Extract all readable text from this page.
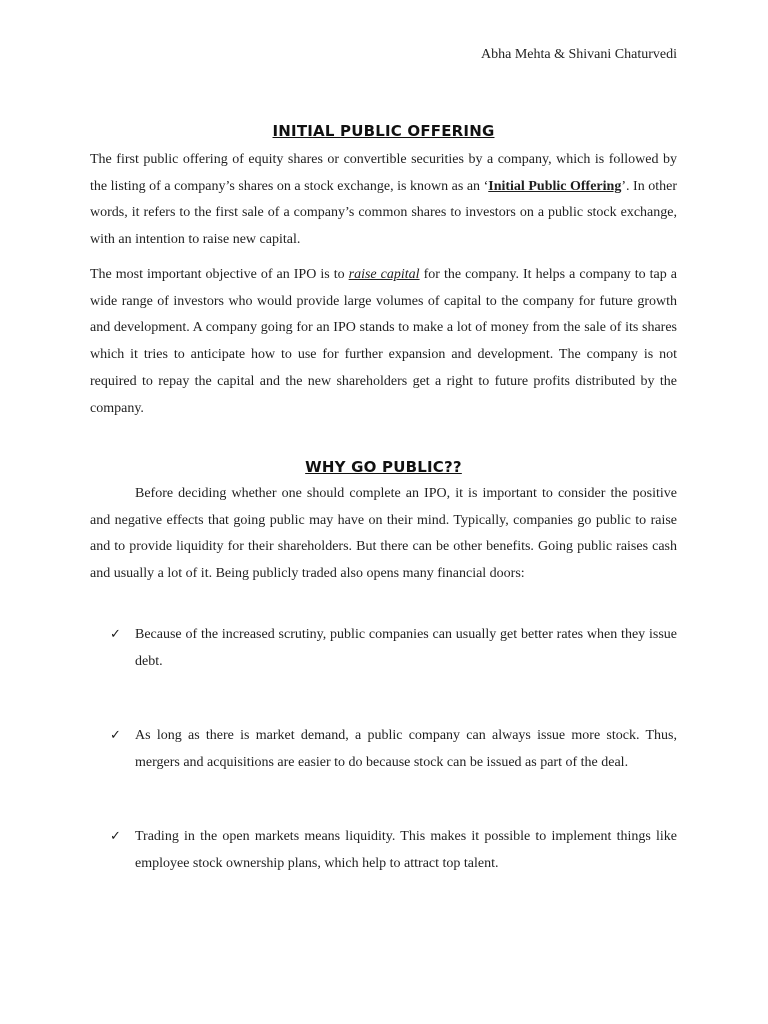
Abha Mehta & Shivani Chaturvedi
INITIAL PUBLIC OFFERING

The first public offering of equity shares or convertible securities by a company, which is followed by the listing of a company’s shares on a stock exchange, is known as an ‘Initial Public Offering’. In other words, it refers to the first sale of a company’s common shares to investors on a public stock exchange, with an intention to raise new capital.

The most important objective of an IPO is to raise capital for the company. It helps a company to tap a wide range of investors who would provide large volumes of capital to the company for future growth and development. A company going for an IPO stands to make a lot of money from the sale of its shares which it tries to anticipate how to use for further expansion and development. The company is not required to repay the capital and the new shareholders get a right to future profits distributed by the company.

WHY GO PUBLIC??

Before deciding whether one should complete an IPO, it is important to consider the positive and negative effects that going public may have on their mind. Typically, companies go public to raise and to provide liquidity for their shareholders. But there can be other benefits. Going public raises cash and usually a lot of it. Being publicly traded also opens many financial doors:

✓ Because of the increased scrutiny, public companies can usually get better rates when they issue debt.
✓ As long as there is market demand, a public company can always issue more stock. Thus, mergers and acquisitions are easier to do because stock can be issued as part of the deal.
✓ Trading in the open markets means liquidity. This makes it possible to implement things like employee stock ownership plans, which help to attract top talent.
